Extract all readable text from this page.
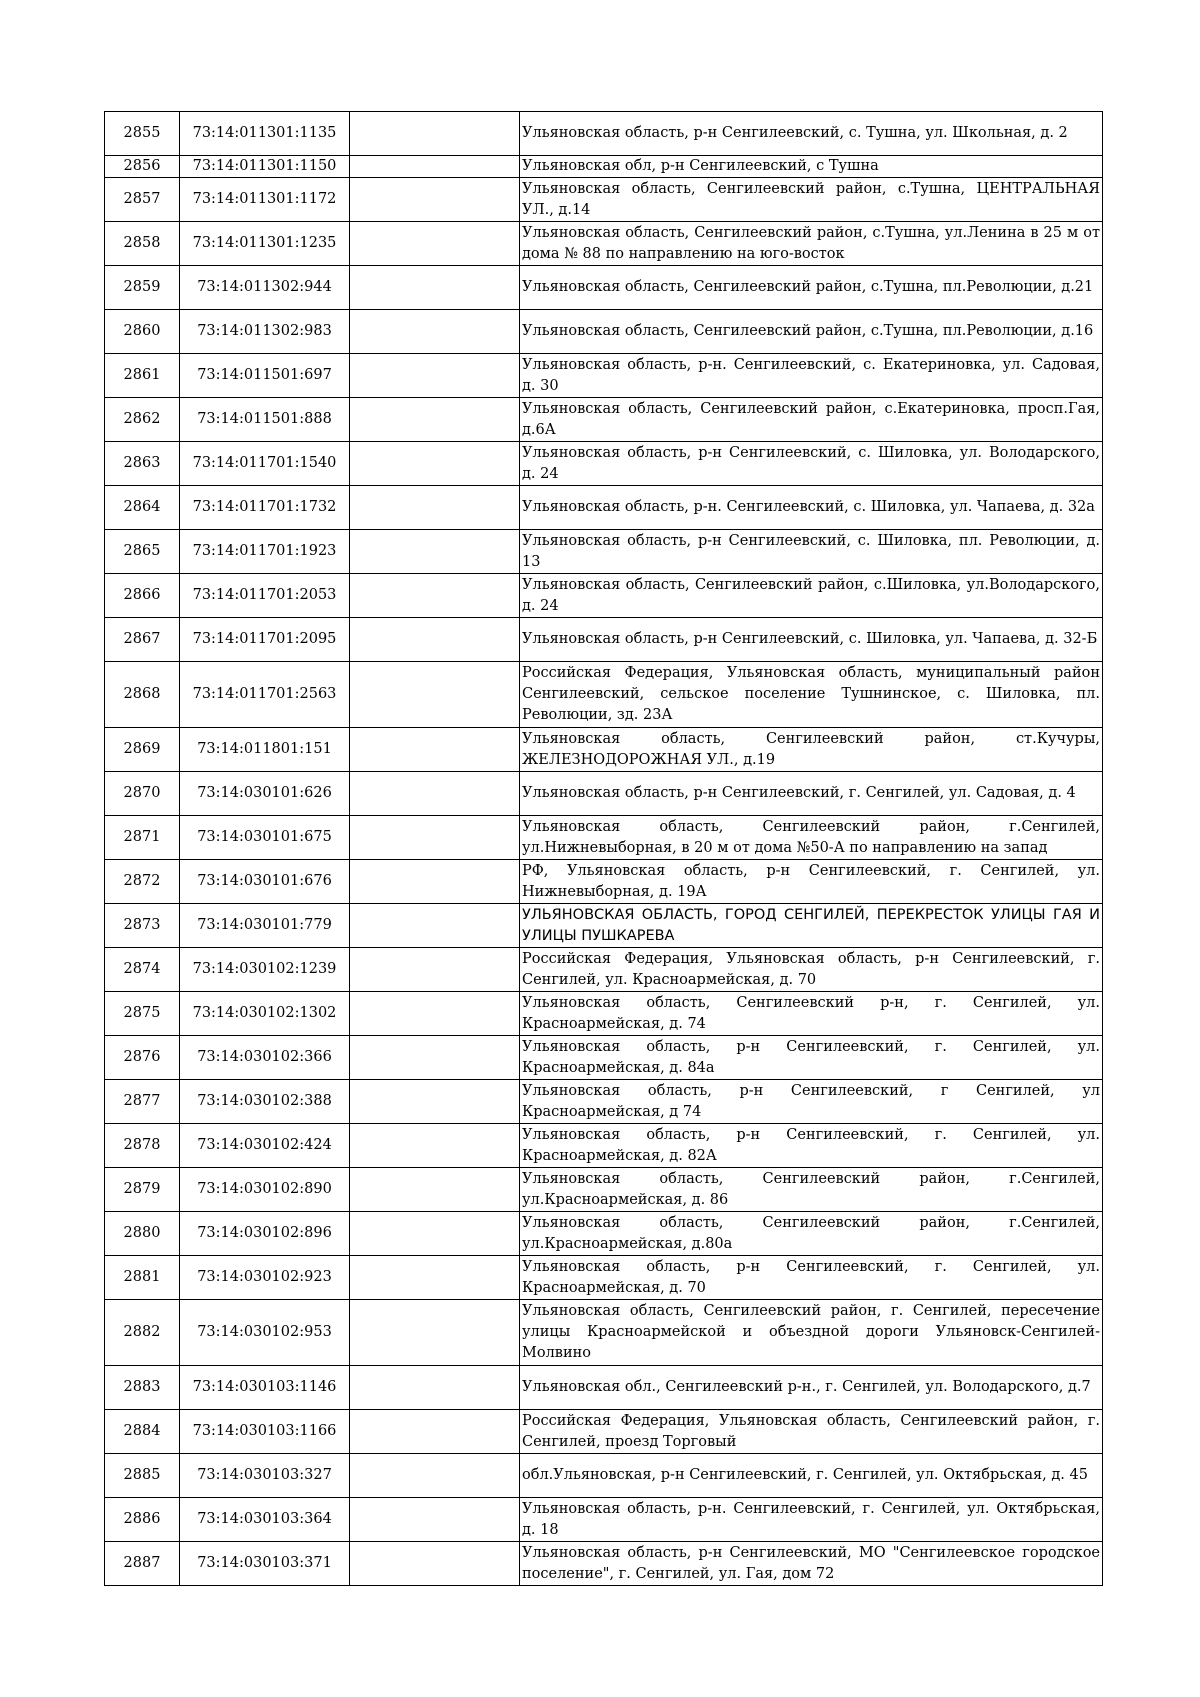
2855	73:14:011301:1135		Ульяновская область, р-н Сенгилеевский, с. Тушна, ул. Школьная, д. 2
2856	73:14:011301:1150		Ульяновская обл, р-н Сенгилеевский, с Тушна
2857	73:14:011301:1172		Ульяновская область, Сенгилеевский район, с.Тушна, ЦЕНТРАЛЬНАЯ УЛ., д.14
2858	73:14:011301:1235		Ульяновская область, Сенгилеевский район, с.Тушна, ул.Ленина в 25 м от дома № 88 по направлению на юго-восток
2859	73:14:011302:944		Ульяновская область, Сенгилеевский район, с.Тушна, пл.Революции, д.21
2860	73:14:011302:983		Ульяновская область, Сенгилеевский район, с.Тушна, пл.Революции, д.16
2861	73:14:011501:697		Ульяновская область, р-н. Сенгилеевский, с. Екатериновка, ул. Садовая, д. 30
2862	73:14:011501:888		Ульяновская область, Сенгилеевский район, с.Екатериновка, просп.Гая, д.6А
2863	73:14:011701:1540		Ульяновская область, р-н Сенгилеевский, с. Шиловка, ул. Володарского, д. 24
2864	73:14:011701:1732		Ульяновская область, р-н. Сенгилеевский, с. Шиловка, ул. Чапаева, д. 32а
2865	73:14:011701:1923		Ульяновская область, р-н Сенгилеевский, с. Шиловка, пл. Революции, д. 13
2866	73:14:011701:2053		Ульяновская область, Сенгилеевский район, с.Шиловка, ул.Володарского, д. 24
2867	73:14:011701:2095		Ульяновская область, р-н Сенгилеевский, с. Шиловка, ул. Чапаева, д. 32-Б
2868	73:14:011701:2563		Российская Федерация, Ульяновская область, муниципальный район Сенгилеевский, сельское поселение Тушнинское, с. Шиловка, пл. Революции, зд. 23А
2869	73:14:011801:151		Ульяновская область, Сенгилеевский район, ст.Кучуры, ЖЕЛЕЗНОДОРОЖНАЯ УЛ., д.19
2870	73:14:030101:626		Ульяновская область, р-н Сенгилеевский, г. Сенгилей, ул. Садовая, д. 4
2871	73:14:030101:675		Ульяновская область, Сенгилеевский район, г.Сенгилей, ул.Нижневыборная, в 20 м от дома №50-А по направлению на запад
2872	73:14:030101:676		РФ, Ульяновская область, р-н Сенгилеевский, г. Сенгилей, ул. Нижневыборная, д. 19А
2873	73:14:030101:779		УЛЬЯНОВСКАЯ ОБЛАСТЬ, ГОРОД СЕНГИЛЕЙ, ПЕРЕКРЕСТОК УЛИЦЫ ГАЯ И УЛИЦЫ ПУШКАРЕВА
2874	73:14:030102:1239		Российская Федерация, Ульяновская область, р-н Сенгилеевский, г. Сенгилей, ул. Красноармейская, д. 70
2875	73:14:030102:1302		Ульяновская область, Сенгилеевский р-н, г. Сенгилей, ул. Красноармейская, д. 74
2876	73:14:030102:366		Ульяновская область, р-н Сенгилеевский, г. Сенгилей, ул. Красноармейская, д. 84а
2877	73:14:030102:388		Ульяновская область, р-н Сенгилеевский, г Сенгилей, ул Красноармейская, д 74
2878	73:14:030102:424		Ульяновская область, р-н Сенгилеевский, г. Сенгилей, ул. Красноармейская, д. 82А
2879	73:14:030102:890		Ульяновская область, Сенгилеевский район, г.Сенгилей, ул.Красноармейская, д. 86
2880	73:14:030102:896		Ульяновская область, Сенгилеевский район, г.Сенгилей, ул.Красноармейская, д.80а
2881	73:14:030102:923		Ульяновская область, р-н Сенгилеевский, г. Сенгилей, ул. Красноармейская, д. 70
2882	73:14:030102:953		Ульяновская область, Сенгилеевский район, г. Сенгилей, пересечение улицы Красноармейской и объездной дороги Ульяновск-Сенгилей-Молвино
2883	73:14:030103:1146		Ульяновская обл., Сенгилеевский р-н., г. Сенгилей, ул. Володарского, д.7
2884	73:14:030103:1166		Российская Федерация, Ульяновская область, Сенгилеевский район, г. Сенгилей, проезд Торговый
2885	73:14:030103:327		обл.Ульяновская, р-н Сенгилеевский, г. Сенгилей, ул. Октябрьская, д. 45
2886	73:14:030103:364		Ульяновская область, р-н. Сенгилеевский, г. Сенгилей, ул. Октябрьская, д. 18
2887	73:14:030103:371		Ульяновская область, р-н Сенгилеевский, МО "Сенгилеевское городское поселение", г. Сенгилей, ул. Гая, дом 72
